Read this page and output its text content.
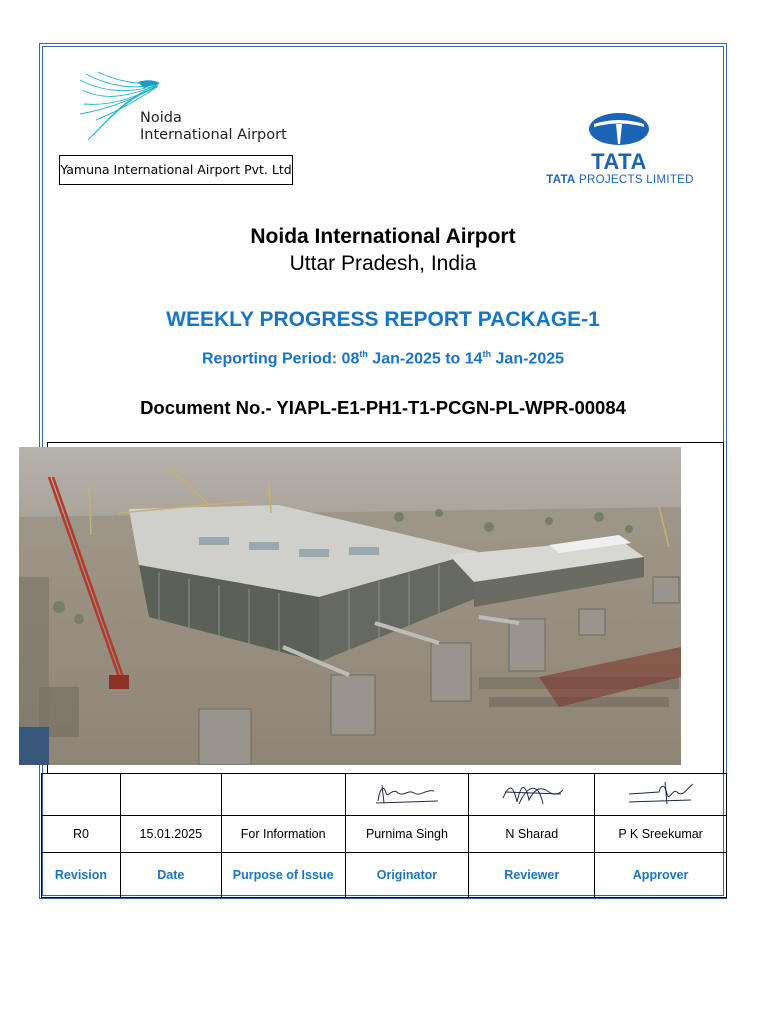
Noida
International Airport
Yamuna International Airport Pvt. Ltd	TATA
TATA PROJECTS LIMITED
Noida International Airport
Uttar Pradesh, India
WEEKLY PROGRESS REPORT PACKAGE-1
Reporting Period: 08th Jan-2025 to 14th Jan-2025
Document No.- YIAPL-E1-PH1-T1-PCGN-PL-WPR-00084

R0	15.01.2025	For Information	Purnima Singh	N Sharad	P K Sreekumar
Revision	Date	Purpose of Issue	Originator	Reviewer	Approver
